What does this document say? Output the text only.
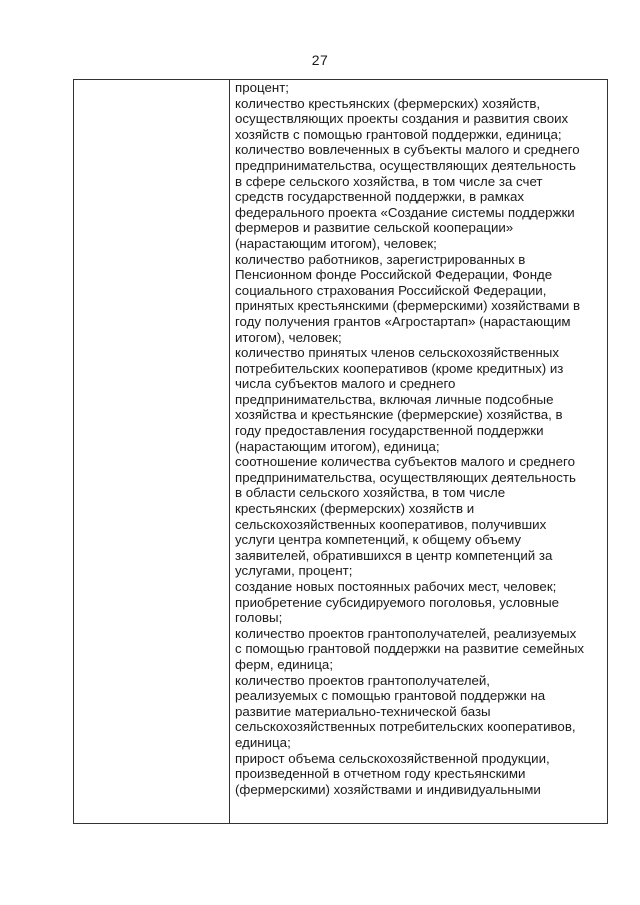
27
процент;
количество крестьянских (фермерских) хозяйств,
осуществляющих проекты создания и развития своих
хозяйств с помощью грантовой поддержки, единица;
количество вовлеченных в субъекты малого и среднего
предпринимательства, осуществляющих деятельность
в сфере сельского хозяйства, в том числе за счет
средств государственной поддержки, в рамках
федерального проекта «Создание системы поддержки
фермеров и развитие сельской кооперации»
(нарастающим итогом), человек;
количество работников, зарегистрированных в
Пенсионном фонде Российской Федерации, Фонде
социального страхования Российской Федерации,
принятых крестьянскими (фермерскими) хозяйствами в
году получения грантов «Агростартап» (нарастающим
итогом), человек;
количество принятых членов сельскохозяйственных
потребительских кооперативов (кроме кредитных) из
числа субъектов малого и среднего
предпринимательства, включая личные подсобные
хозяйства и крестьянские (фермерские) хозяйства, в
году предоставления государственной поддержки
(нарастающим итогом), единица;
соотношение количества субъектов малого и среднего
предпринимательства, осуществляющих деятельность
в области сельского хозяйства, в том числе
крестьянских (фермерских) хозяйств и
сельскохозяйственных кооперативов, получивших
услуги центра компетенций, к общему объему
заявителей, обратившихся в центр компетенций за
услугами, процент;
создание новых постоянных рабочих мест, человек;
приобретение субсидируемого поголовья, условные
головы;
количество проектов грантополучателей, реализуемых
с помощью грантовой поддержки на развитие семейных
ферм, единица;
количество проектов грантополучателей,
реализуемых с помощью грантовой поддержки на
развитие материально-технической базы
сельскохозяйственных потребительских кооперативов,
единица;
прирост объема сельскохозяйственной продукции,
произведенной в отчетном году крестьянскими
(фермерскими) хозяйствами и индивидуальными
